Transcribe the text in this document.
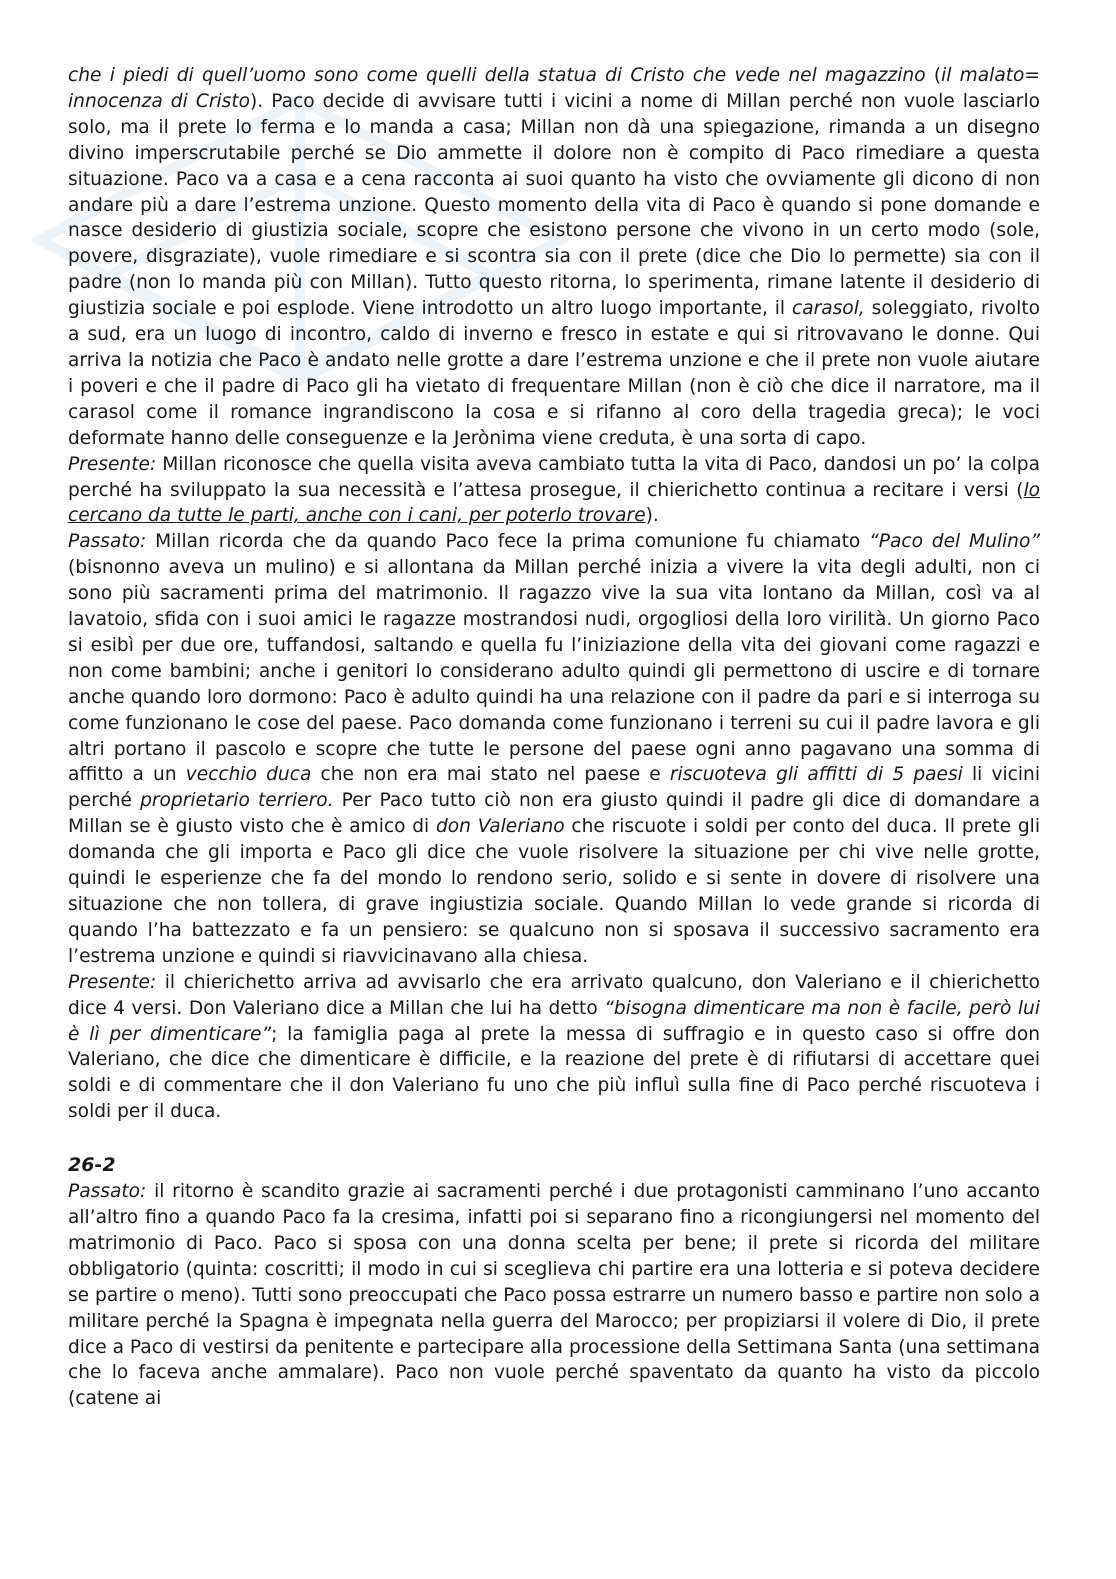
che i piedi di quell’uomo sono come quelli della statua di Cristo che vede nel magazzino (il malato= innocenza di Cristo). Paco decide di avvisare tutti i vicini a nome di Millan perché non vuole lasciarlo solo, ma il prete lo ferma e lo manda a casa; Millan non dà una spiegazione, rimanda a un disegno divino imperscrutabile perché se Dio ammette il dolore non è compito di Paco rimediare a questa situazione. Paco va a casa e a cena racconta ai suoi quanto ha visto che ovviamente gli dicono di non andare più a dare l’estrema unzione. Questo momento della vita di Paco è quando si pone domande e nasce desiderio di giustizia sociale, scopre che esistono persone che vivono in un certo modo (sole, povere, disgraziate), vuole rimediare e si scontra sia con il prete (dice che Dio lo permette) sia con il padre (non lo manda più con Millan). Tutto questo ritorna, lo sperimenta, rimane latente il desiderio di giustizia sociale e poi esplode. Viene introdotto un altro luogo importante, il carasol, soleggiato, rivolto a sud, era un luogo di incontro, caldo di inverno e fresco in estate e qui si ritrovavano le donne. Qui arriva la notizia che Paco è andato nelle grotte a dare l’estrema unzione e che il prete non vuole aiutare i poveri e che il padre di Paco gli ha vietato di frequentare Millan (non è ciò che dice il narratore, ma il carasol come il romance ingrandiscono la cosa e si rifanno al coro della tragedia greca); le voci deformate hanno delle conseguenze e la Jerònima viene creduta, è una sorta di capo.

Presente: Millan riconosce che quella visita aveva cambiato tutta la vita di Paco, dandosi un po’ la colpa perché ha sviluppato la sua necessità e l’attesa prosegue, il chierichetto continua a recitare i versi (lo cercano da tutte le parti, anche con i cani, per poterlo trovare).

Passato: Millan ricorda che da quando Paco fece la prima comunione fu chiamato “Paco del Mulino” (bisnonno aveva un mulino) e si allontana da Millan perché inizia a vivere la vita degli adulti, non ci sono più sacramenti prima del matrimonio. Il ragazzo vive la sua vita lontano da Millan, così va al lavatoio, sfida con i suoi amici le ragazze mostrandosi nudi, orgogliosi della loro virilità. Un giorno Paco si esibì per due ore, tuffandosi, saltando e quella fu l’iniziazione della vita dei giovani come ragazzi e non come bambini; anche i genitori lo considerano adulto quindi gli permettono di uscire e di tornare anche quando loro dormono: Paco è adulto quindi ha una relazione con il padre da pari e si interroga su come funzionano le cose del paese. Paco domanda come funzionano i terreni su cui il padre lavora e gli altri portano il pascolo e scopre che tutte le persone del paese ogni anno pagavano una somma di affitto a un vecchio duca che non era mai stato nel paese e riscuoteva gli affitti di 5 paesi li vicini perché proprietario terriero. Per Paco tutto ciò non era giusto quindi il padre gli dice di domandare a Millan se è giusto visto che è amico di don Valeriano che riscuote i soldi per conto del duca. Il prete gli domanda che gli importa e Paco gli dice che vuole risolvere la situazione per chi vive nelle grotte, quindi le esperienze che fa del mondo lo rendono serio, solido e si sente in dovere di risolvere una situazione che non tollera, di grave ingiustizia sociale. Quando Millan lo vede grande si ricorda di quando l’ha battezzato e fa un pensiero: se qualcuno non si sposava il successivo sacramento era l’estrema unzione e quindi si riavvicinavano alla chiesa.

Presente: il chierichetto arriva ad avvisarlo che era arrivato qualcuno, don Valeriano e il chierichetto dice 4 versi. Don Valeriano dice a Millan che lui ha detto “bisogna dimenticare ma non è facile, però lui è lì per dimenticare”; la famiglia paga al prete la messa di suffragio e in questo caso si offre don Valeriano, che dice che dimenticare è difficile, e la reazione del prete è di rifiutarsi di accettare quei soldi e di commentare che il don Valeriano fu uno che più influì sulla fine di Paco perché riscuoteva i soldi per il duca.

26-2

Passato: il ritorno è scandito grazie ai sacramenti perché i due protagonisti camminano l’uno accanto all’altro fino a quando Paco fa la cresima, infatti poi si separano fino a ricongiungersi nel momento del matrimonio di Paco. Paco si sposa con una donna scelta per bene; il prete si ricorda del militare obbligatorio (quinta: coscritti; il modo in cui si sceglieva chi partire era una lotteria e si poteva decidere se partire o meno). Tutti sono preoccupati che Paco possa estrarre un numero basso e partire non solo a militare perché la Spagna è impegnata nella guerra del Marocco; per propiziarsi il volere di Dio, il prete dice a Paco di vestirsi da penitente e partecipare alla processione della Settimana Santa (una settimana che lo faceva anche ammalare). Paco non vuole perché spaventato da quanto ha visto da piccolo (catene ai
